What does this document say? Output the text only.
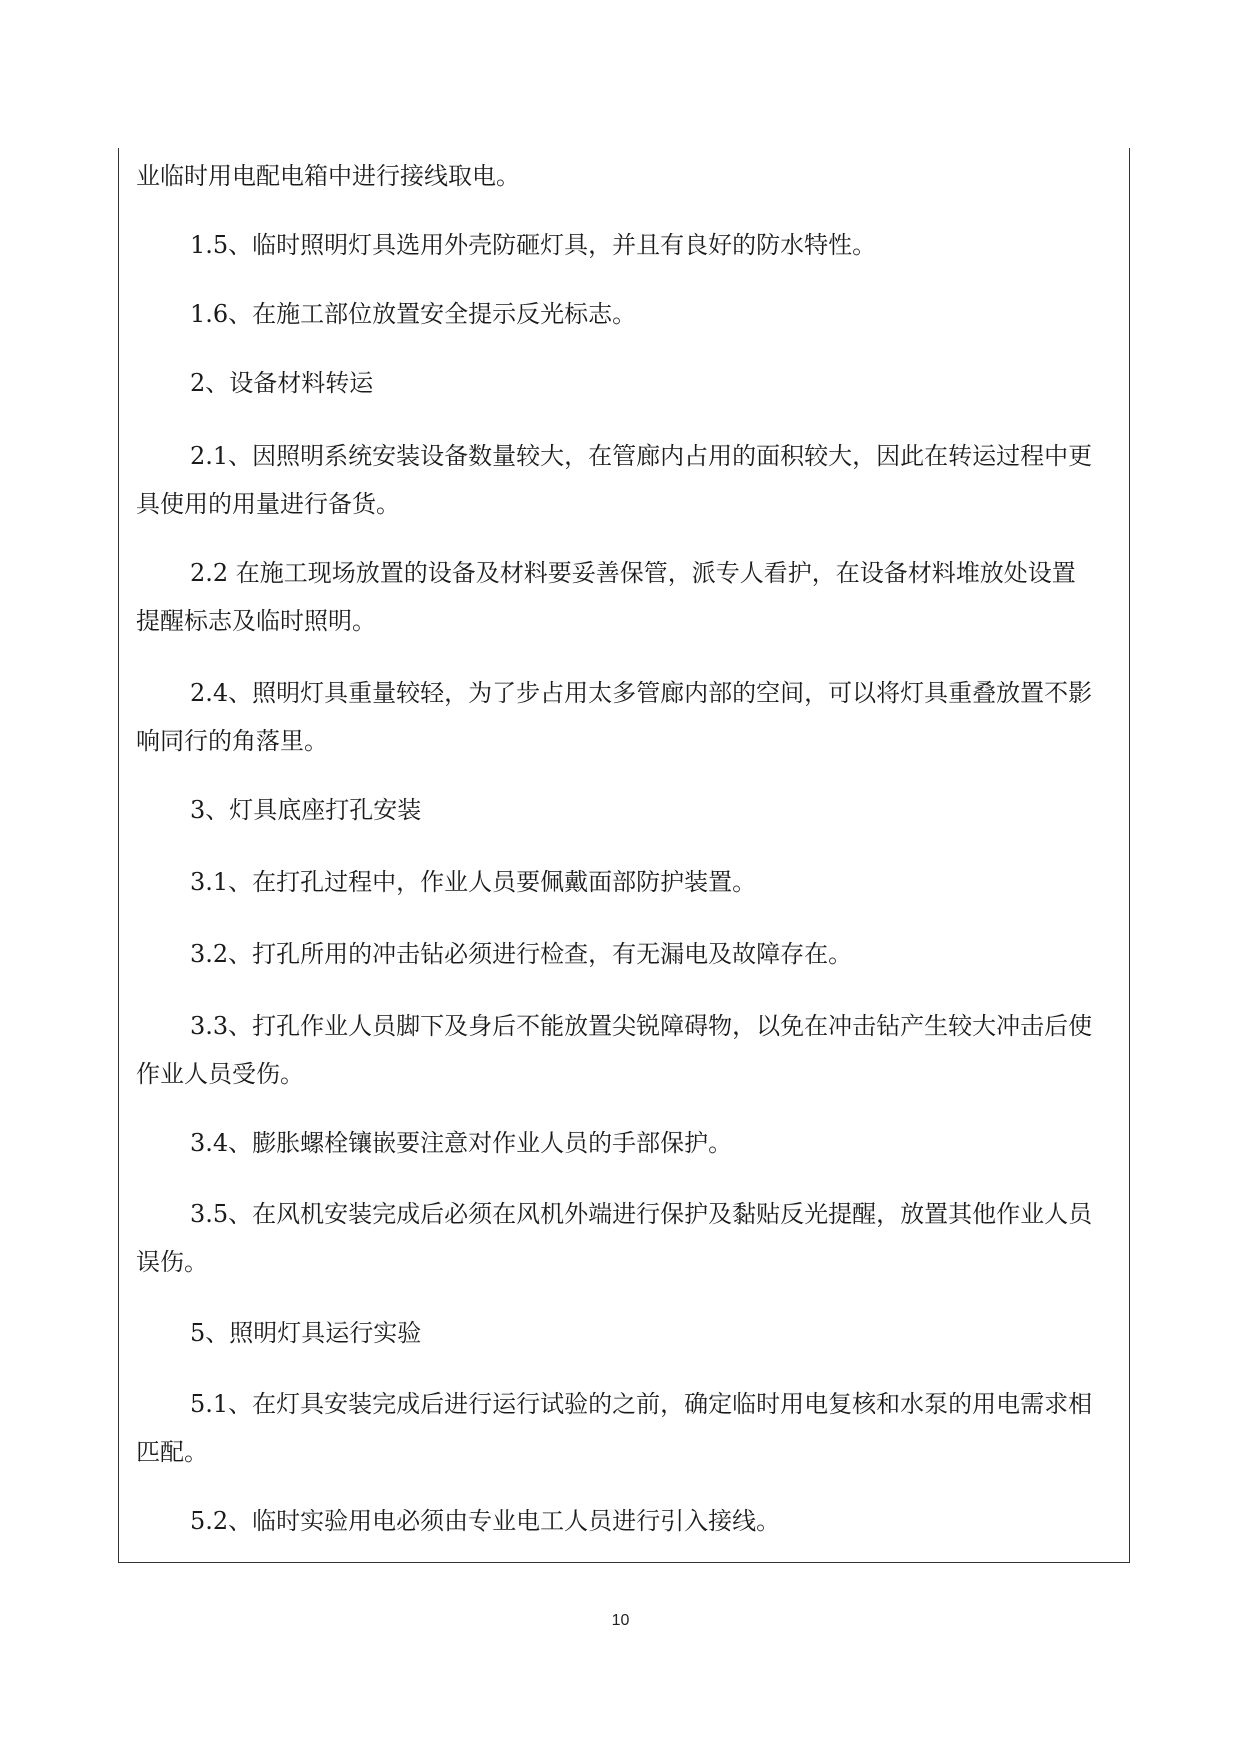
业临时用电配电箱中进行接线取电。
1.5、临时照明灯具选用外壳防砸灯具，并且有良好的防水特性。
1.6、在施工部位放置安全提示反光标志。
2、设备材料转运
2.1、因照明系统安装设备数量较大，在管廊内占用的面积较大，因此在转运过程中更
具使用的用量进行备货。
2.2 在施工现场放置的设备及材料要妥善保管，派专人看护，在设备材料堆放处设置
提醒标志及临时照明。
2.4、照明灯具重量较轻，为了步占用太多管廊内部的空间，可以将灯具重叠放置不影
响同行的角落里。
3、灯具底座打孔安装
3.1、在打孔过程中，作业人员要佩戴面部防护装置。
3.2、打孔所用的冲击钻必须进行检查，有无漏电及故障存在。
3.3、打孔作业人员脚下及身后不能放置尖锐障碍物，以免在冲击钻产生较大冲击后使
作业人员受伤。
3.4、膨胀螺栓镶嵌要注意对作业人员的手部保护。
3.5、在风机安装完成后必须在风机外端进行保护及黏贴反光提醒，放置其他作业人员
误伤。
5、照明灯具运行实验
5.1、在灯具安装完成后进行运行试验的之前，确定临时用电复核和水泵的用电需求相
匹配。
5.2、临时实验用电必须由专业电工人员进行引入接线。
10
